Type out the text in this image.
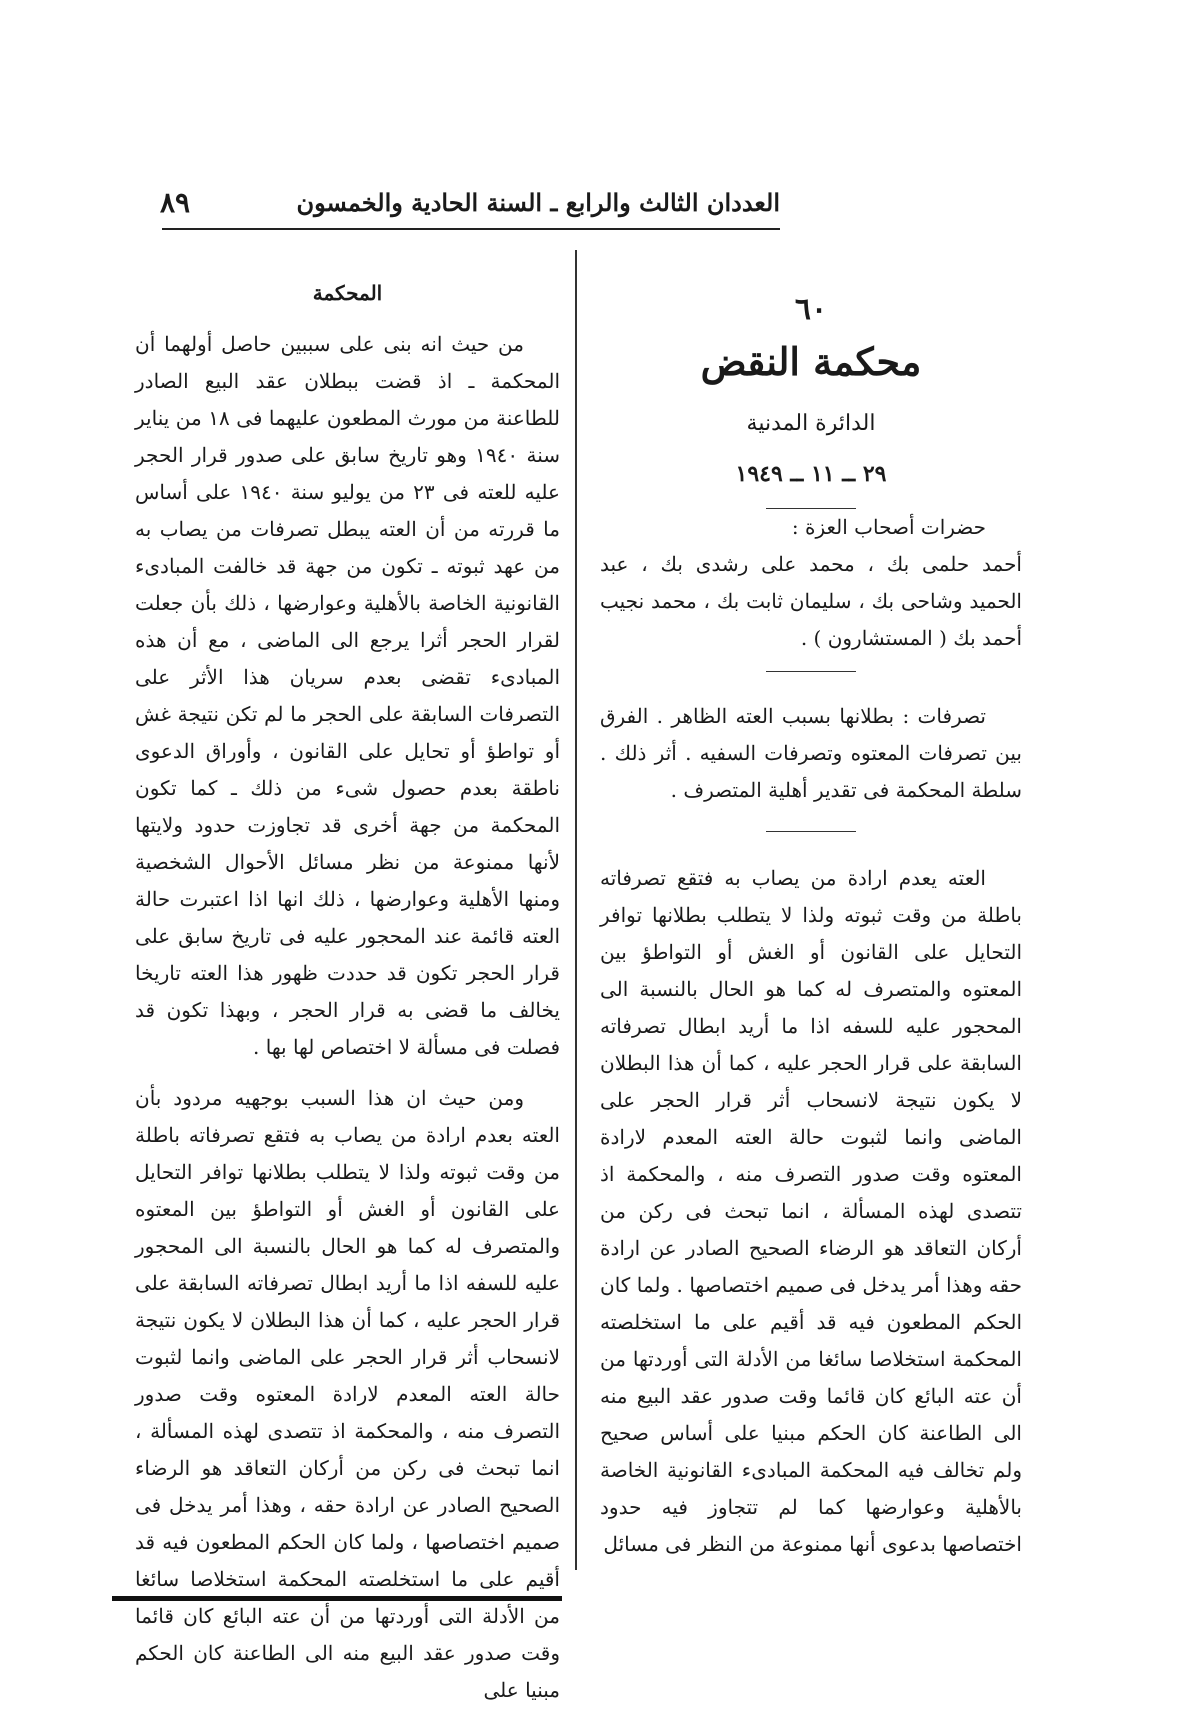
العددان الثالث والرابع ـ السنة الحادية والخمسون
٨٩
٦٠
محكمة النقض
الدائرة المدنية
٢٩ ــ ١١ ــ ١٩٤٩

حضرات أصحاب العزة :

أحمد حلمى بك ، محمد على رشدى بك ، عبد الحميد وشاحى بك ، سليمان ثابت بك ، محمد نجيب أحمد بك ( المستشارون ) .

تصرفات : بطلانها بسبب العته الظاهر . الفرق بين تصرفات المعتوه وتصرفات السفيه . أثر ذلك . سلطة المحكمة فى تقدير أهلية المتصرف .

العته يعدم ارادة من يصاب به فتقع تصرفاته باطلة من وقت ثبوته ولذا لا يتطلب بطلانها توافر التحايل على القانون أو الغش أو التواطؤ بين المعتوه والمتصرف له كما هو الحال بالنسبة الى المحجور عليه للسفه اذا ما أريد ابطال تصرفاته السابقة على قرار الحجر عليه ، كما أن هذا البطلان لا يكون نتيجة لانسحاب أثر قرار الحجر على الماضى وانما لثبوت حالة العته المعدم لارادة المعتوه وقت صدور التصرف منه ، والمحكمة اذ تتصدى لهذه المسألة ، انما تبحث فى ركن من أركان التعاقد هو الرضاء الصحيح الصادر عن ارادة حقه وهذا أمر يدخل فى صميم اختصاصها . ولما كان الحكم المطعون فيه قد أقيم على ما استخلصته المحكمة استخلاصا سائغا من الأدلة التى أوردتها من أن عته البائع كان قائما وقت صدور عقد البيع منه الى الطاعنة كان الحكم مبنيا على أساس صحيح ولم تخالف فيه المحكمة المبادىء القانونية الخاصة بالأهلية وعوارضها كما لم تتجاوز فيه حدود اختصاصها بدعوى أنها ممنوعة من النظر فى مسائل

المحكمة

من حيث انه بنى على سببين حاصل أولهما أن المحكمة ـ اذ قضت ببطلان عقد البيع الصادر للطاعنة من مورث المطعون عليهما فى ١٨ من يناير سنة ١٩٤٠ وهو تاريخ سابق على صدور قرار الحجر عليه للعته فى ٢٣ من يوليو سنة ١٩٤٠ على أساس ما قررته من أن العته يبطل تصرفات من يصاب به من عهد ثبوته ـ تكون من جهة قد خالفت المبادىء القانونية الخاصة بالأهلية وعوارضها ، ذلك بأن جعلت لقرار الحجر أثرا يرجع الى الماضى ، مع أن هذه المبادىء تقضى بعدم سريان هذا الأثر على التصرفات السابقة على الحجر ما لم تكن نتيجة غش أو تواطؤ أو تحايل على القانون ، وأوراق الدعوى ناطقة بعدم حصول شىء من ذلك ـ كما تكون المحكمة من جهة أخرى قد تجاوزت حدود ولايتها لأنها ممنوعة من نظر مسائل الأحوال الشخصية ومنها الأهلية وعوارضها ، ذلك انها اذا اعتبرت حالة العته قائمة عند المحجور عليه فى تاريخ سابق على قرار الحجر تكون قد حددت ظهور هذا العته تاريخا يخالف ما قضى به قرار الحجر ، وبهذا تكون قد فصلت فى مسألة لا اختصاص لها بها .

ومن حيث ان هذا السبب بوجهيه مردود بأن العته بعدم ارادة من يصاب به فتقع تصرفاته باطلة من وقت ثبوته ولذا لا يتطلب بطلانها توافر التحايل على القانون أو الغش أو التواطؤ بين المعتوه والمتصرف له كما هو الحال بالنسبة الى المحجور عليه للسفه اذا ما أريد ابطال تصرفاته السابقة على قرار الحجر عليه ، كما أن هذا البطلان لا يكون نتيجة لانسحاب أثر قرار الحجر على الماضى وانما لثبوت حالة العته المعدم لارادة المعتوه وقت صدور التصرف منه ، والمحكمة اذ تتصدى لهذه المسألة ، انما تبحث فى ركن من أركان التعاقد هو الرضاء الصحيح الصادر عن ارادة حقه ، وهذا أمر يدخل فى صميم اختصاصها ، ولما كان الحكم المطعون فيه قد أقيم على ما استخلصته المحكمة استخلاصا سائغا من الأدلة التى أوردتها من أن عته البائع كان قائما وقت صدور عقد البيع منه الى الطاعنة كان الحكم مبنيا على
